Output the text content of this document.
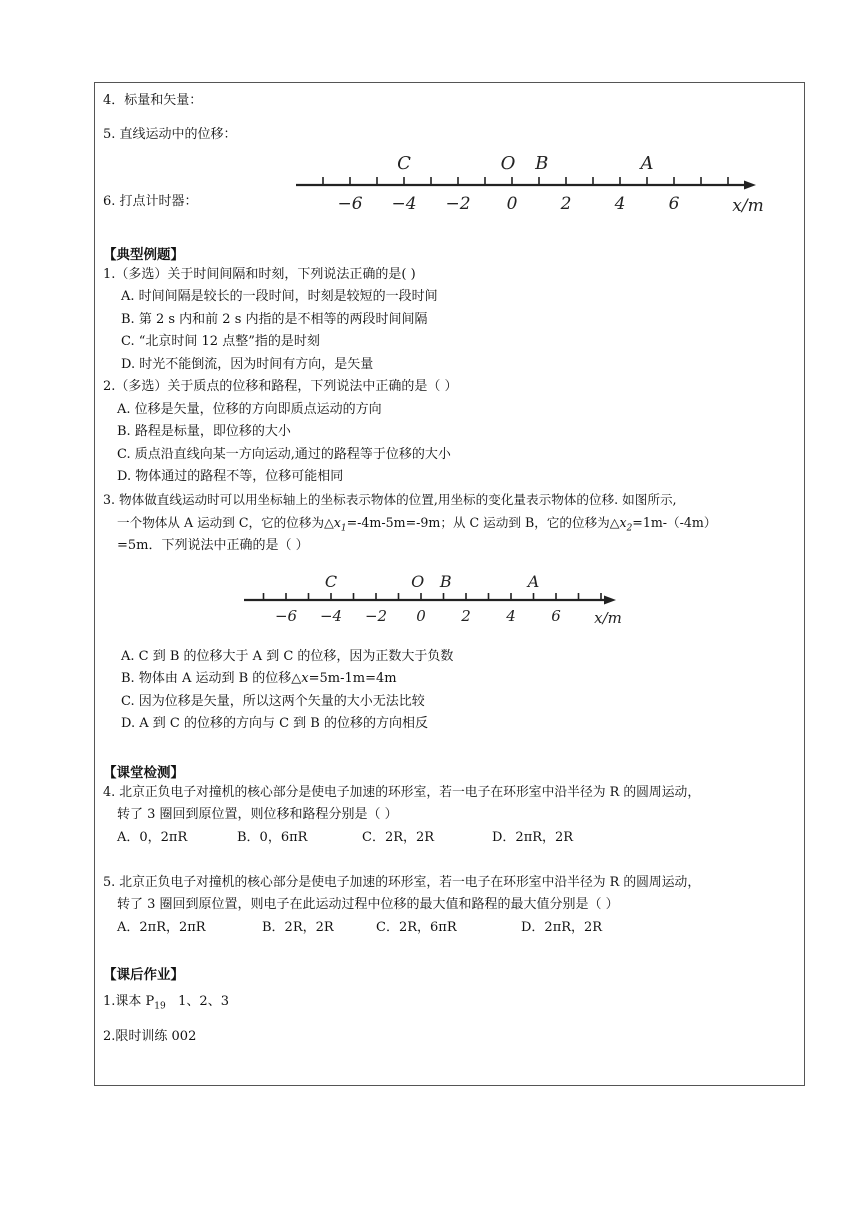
4．标量和矢量：
5. 直线运动中的位移：
6. 打点计时器：	−6 −4 −2 0	2	4	6
C	O B	A
x/m
【典型例题】
1.（多选）关于时间间隔和时刻，下列说法正确的是( )
A. 时间间隔是较长的一段时间，时刻是较短的一段时间
B. 第 2 s 内和前 2 s 内指的是不相等的两段时间间隔
C. “北京时间 12 点整”指的是时刻
D. 时光不能倒流，因为时间有方向，是矢量
2.（多选）关于质点的位移和路程，下列说法中正确的是（ ）
A. 位移是矢量，位移的方向即质点运动的方向
B. 路程是标量，即位移的大小
C. 质点沿直线向某一方向运动,通过的路程等于位移的大小
D. 物体通过的路程不等，位移可能相同
3. 物体做直线运动时可以用坐标轴上的坐标表示物体的位置,用坐标的变化量表示物体的位移. 如图所示,
一个物体从 A 运动到 C，它的位移为$\triangle x_1=-4m-5m=-9m$；从 C 运动到 B，它的位移为$\triangle x_2=1m-(-4m)$
=5m．下列说法中正确的是（ ）
−6 −4 −2 0 2 4 6
C	O B	A
x/m
A. C 到 B 的位移大于 A 到 C 的位移，因为正数大于负数
B. 物体由 A 运动到 B 的位移△x=5m-1m=4m
C. 因为位移是矢量，所以这两个矢量的大小无法比较
D. A 到 C 的位移的方向与 C 到 B 的位移的方向相反
【课堂检测】
4. 北京正负电子对撞机的核心部分是使电子加速的环形室，若一电子在环形室中沿半径为 R 的圆周运动，
转了 3 圈回到原位置，则位移和路程分别是（ ）
A．0，2πR	B．0，6πR	C．2R，2R	D．2πR，2R
5. 北京正负电子对撞机的核心部分是使电子加速的环形室，若一电子在环形室中沿半径为 R 的圆周运动，
转了 3 圈回到原位置，则电子在此运动过程中位移的最大值和路程的最大值分别是（ ）
A．2πR，2πR	B．2R，2R	C．2R，6πR	D．2πR，2R
【课后作业】
1.课本 $P_{19}$   1、2、3
2.限时训练 002
